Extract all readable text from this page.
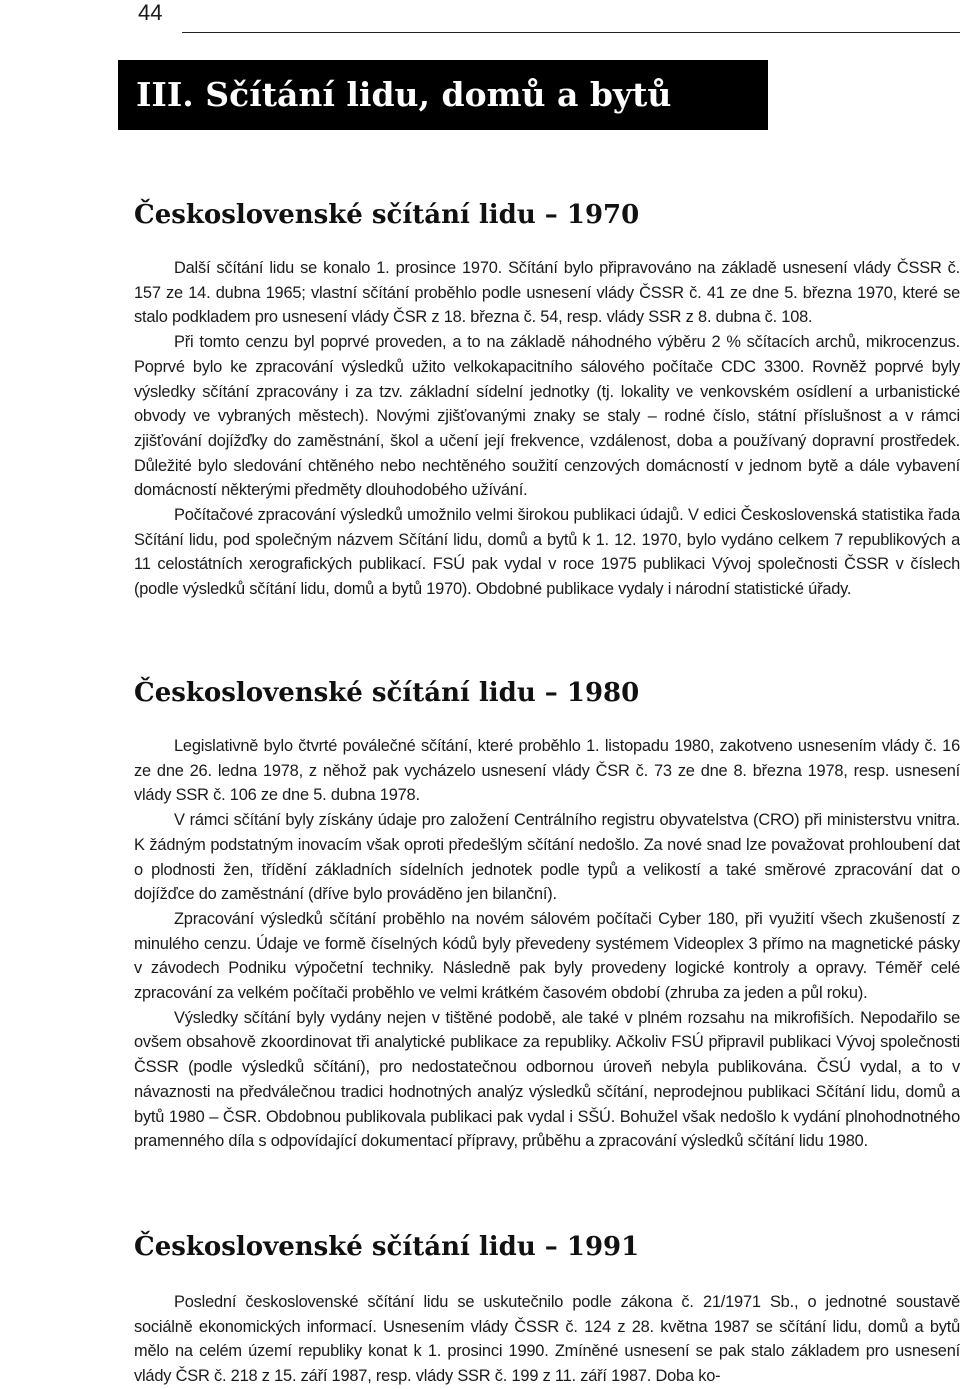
44
III. Sčítání lidu, domů a bytů
Československé sčítání lidu – 1970

Další sčítání lidu se konalo 1. prosince 1970. Sčítání bylo připravováno na základě usnesení vlády ČSSR č. 157 ze 14. dubna 1965; vlastní sčítání proběhlo podle usnesení vlády ČSSR č. 41 ze dne 5. března 1970, které se stalo podkladem pro usnesení vlády ČSR z 18. března č. 54, resp. vlády SSR z 8. dubna č. 108.

Při tomto cenzu byl poprvé proveden, a to na základě náhodného výběru 2 % sčítacích archů, mikrocenzus. Poprvé bylo ke zpracování výsledků užito velkokapacitního sálového počítače CDC 3300. Rovněž poprvé byly výsledky sčítání zpracovány i za tzv. základní sídelní jednotky (tj. lokality ve venkovském osídlení a urbanistické obvody ve vybraných městech). Novými zjišťovanými znaky se staly – rodné číslo, státní příslušnost a v rámci zjišťování dojížďky do zaměstnání, škol a učení její frekvence, vzdálenost, doba a používaný dopravní prostředek. Důležité bylo sledování chtěného nebo nechtěného soužití cenzových domácností v jednom bytě a dále vybavení domácností některými předměty dlouhodobého užívání.

Počítačové zpracování výsledků umožnilo velmi širokou publikaci údajů. V edici Československá statistika řada Sčítání lidu, pod společným názvem Sčítání lidu, domů a bytů k 1. 12. 1970, bylo vydáno celkem 7 republikových a 11 celostátních xerografických publikací. FSÚ pak vydal v roce 1975 publikaci Vývoj společnosti ČSSR v číslech (podle výsledků sčítání lidu, domů a bytů 1970). Obdobné publikace vydaly i národní statistické úřady.

Československé sčítání lidu – 1980

Legislativně bylo čtvrté poválečné sčítání, které proběhlo 1. listopadu 1980, zakotveno usnesením vlády č. 16 ze dne 26. ledna 1978, z něhož pak vycházelo usnesení vlády ČSR č. 73 ze dne 8. března 1978, resp. usnesení vlády SSR č. 106 ze dne 5. dubna 1978.

V rámci sčítání byly získány údaje pro založení Centrálního registru obyvatelstva (CRO) při ministerstvu vnitra. K žádným podstatným inovacím však oproti předešlým sčítání nedošlo. Za nové snad lze považovat prohloubení dat o plodnosti žen, třídění základních sídelních jednotek podle typů a velikostí a také směrové zpracování dat o dojížďce do zaměstnání (dříve bylo prováděno jen bilanční).

Zpracování výsledků sčítání proběhlo na novém sálovém počítači Cyber 180, při využití všech zkušeností z minulého cenzu. Údaje ve formě číselných kódů byly převedeny systémem Videoplex 3 přímo na magnetické pásky v závodech Podniku výpočetní techniky. Následně pak byly provedeny logické kontroly a opravy. Téměř celé zpracování za velkém počítači proběhlo ve velmi krátkém časovém období (zhruba za jeden a půl roku).

Výsledky sčítání byly vydány nejen v tištěné podobě, ale také v plném rozsahu na mikrofiších. Nepodařilo se ovšem obsahově zkoordinovat tři analytické publikace za republiky. Ačkoliv FSÚ připravil publikaci Vývoj společnosti ČSSR (podle výsledků sčítání), pro nedostatečnou odbornou úroveň nebyla publikována. ČSÚ vydal, a to v návaznosti na předválečnou tradici hodnotných analýz výsledků sčítání, neprodejnou publikaci Sčítání lidu, domů a bytů 1980 – ČSR. Obdobnou publikovala publikaci pak vydal i SŠÚ. Bohužel však nedošlo k vydání plnohodnotného pramenného díla s odpovídající dokumentací přípravy, průběhu a zpracování výsledků sčítání lidu 1980.

Československé sčítání lidu – 1991

Poslední československé sčítání lidu se uskutečnilo podle zákona č. 21/1971 Sb., o jednotné soustavě sociálně ekonomických informací. Usnesením vlády ČSSR č. 124 z 28. května 1987 se sčítání lidu, domů a bytů mělo na celém území republiky konat k 1. prosinci 1990. Zmíněné usnesení se pak stalo základem pro usnesení vlády ČSR č. 218 z 15. září 1987, resp. vlády SSR č. 199 z 11. září 1987. Doba ko-
